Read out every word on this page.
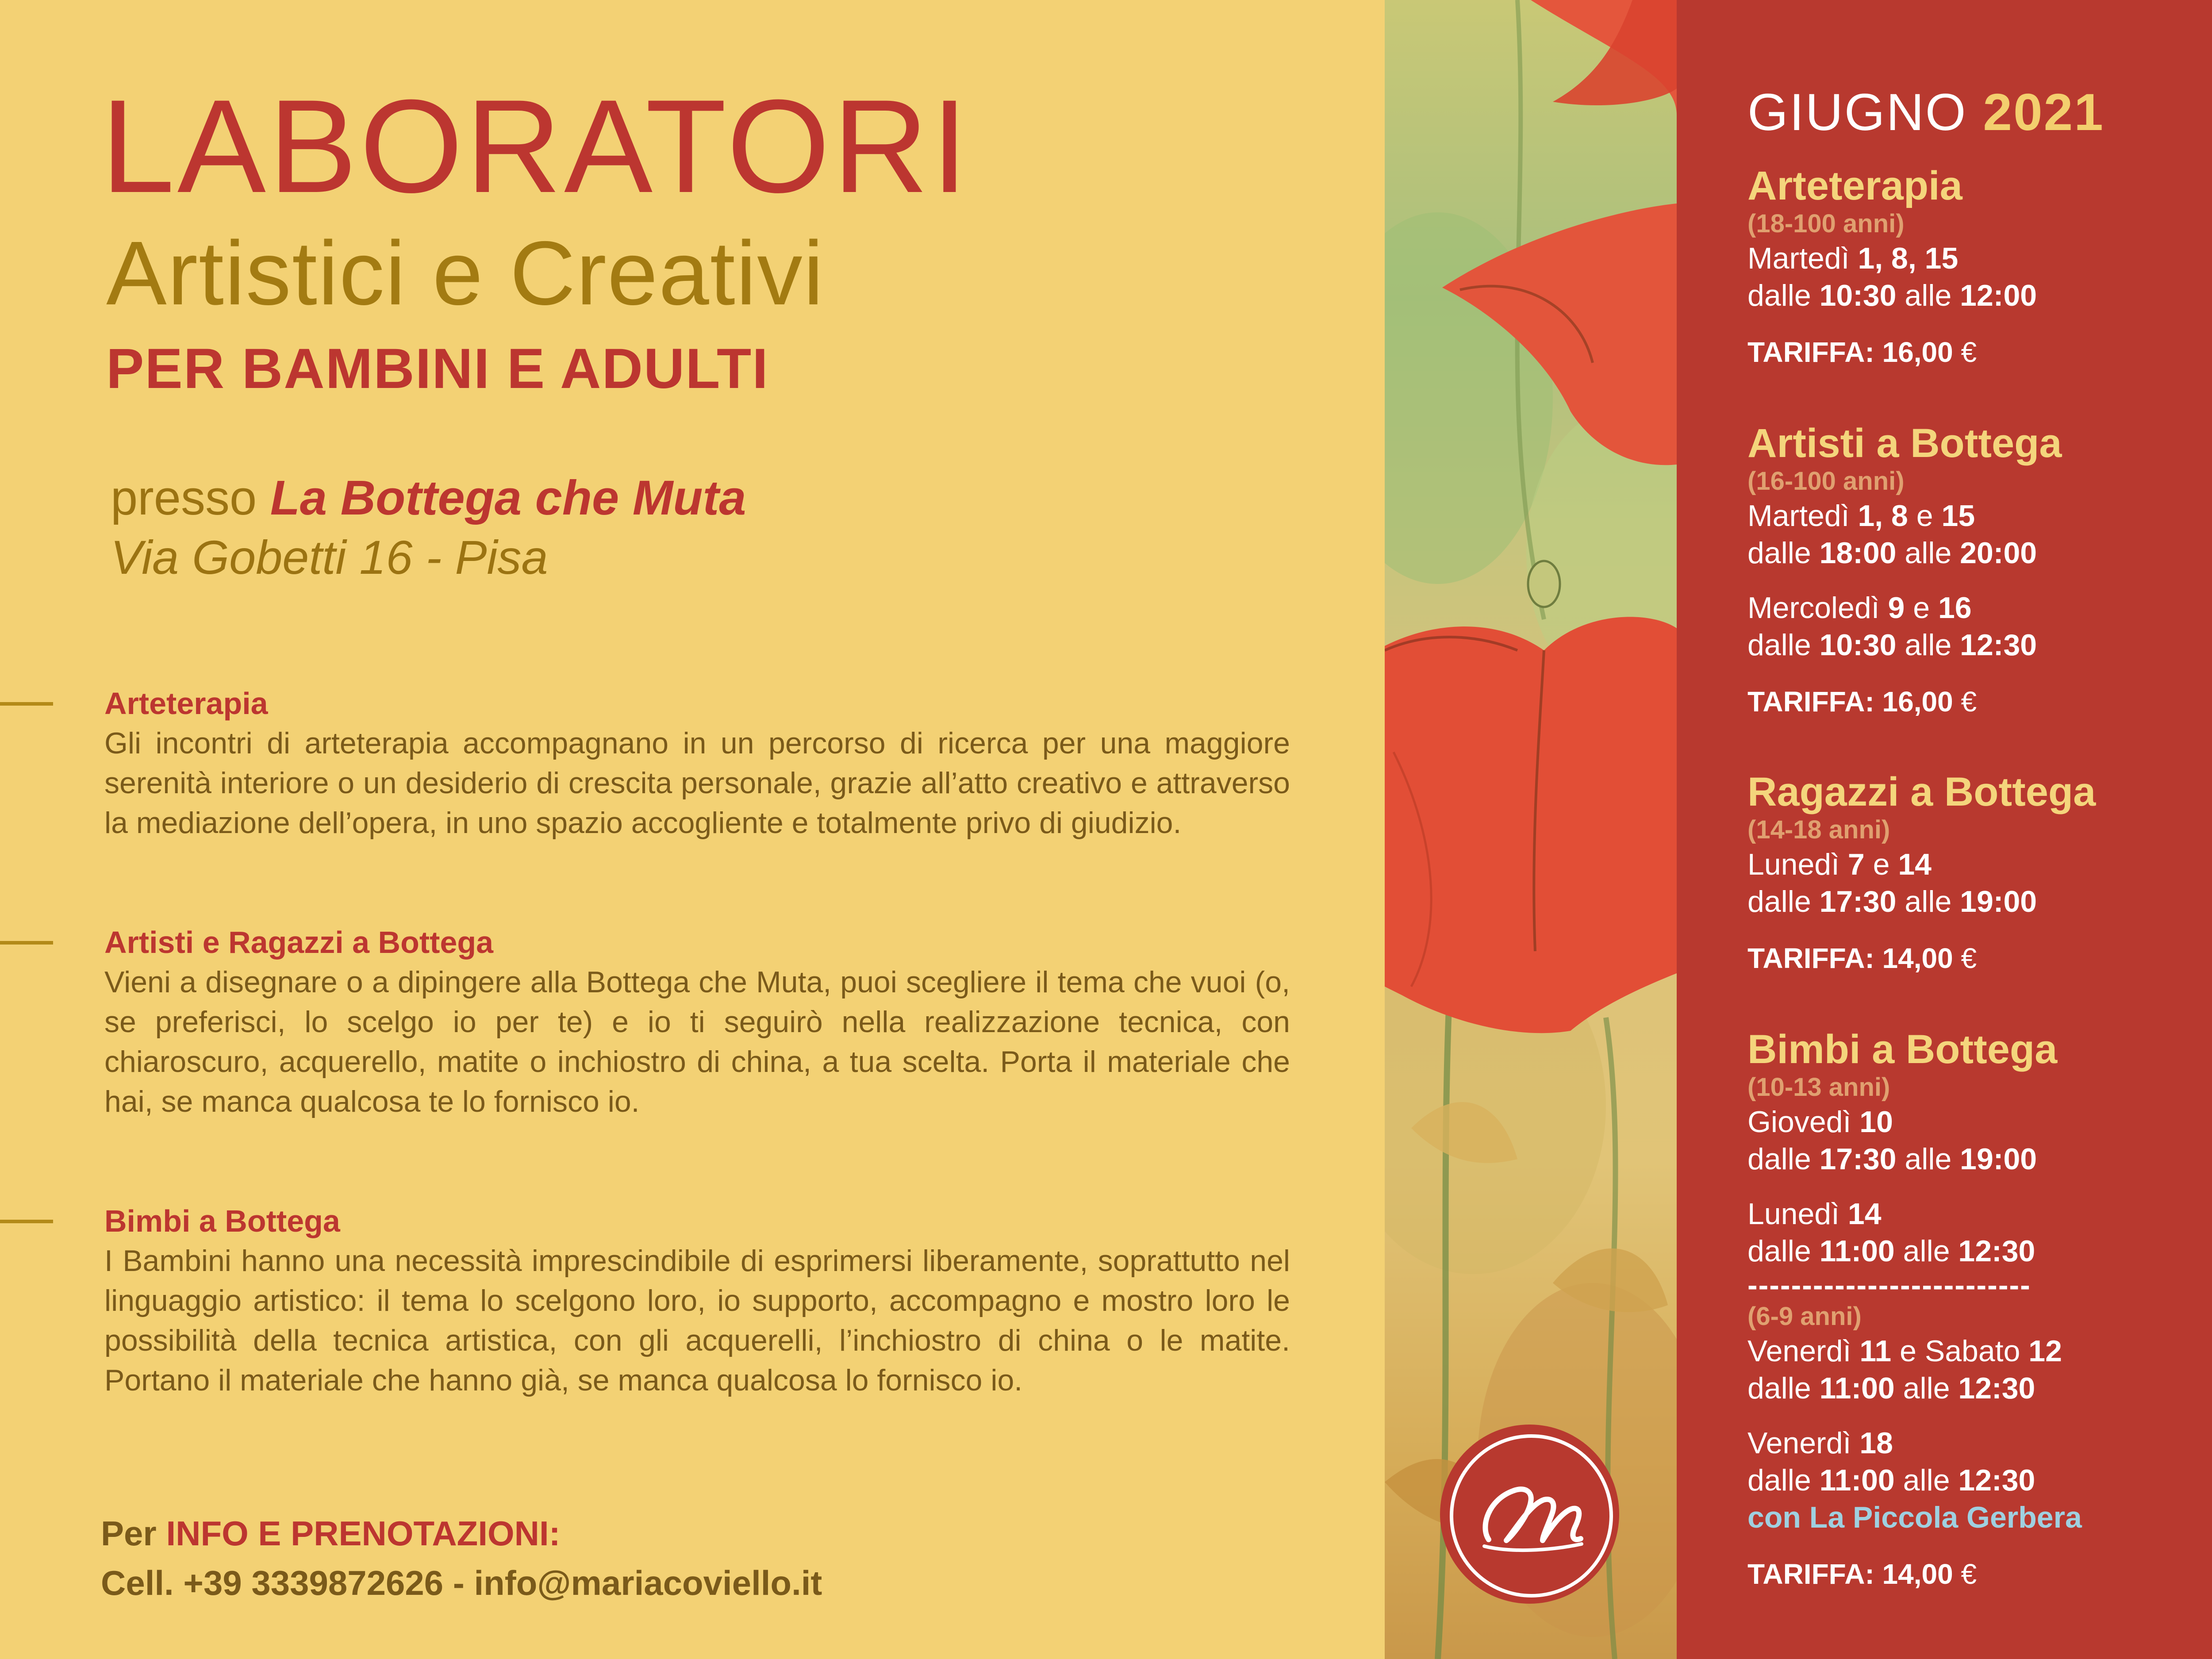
LABORATORI
Artistici e Creativi
PER BAMBINI E ADULTI
presso La Bottega che Muta
Via Gobetti 16 - Pisa

Arteterapia

Gli incontri di arteterapia accompagnano in un percorso di ricerca per una maggiore serenità interiore o un desiderio di crescita personale, grazie all’atto creativo e attraverso la mediazione dell’opera, in uno spazio accogliente e totalmente privo di giudizio.

Artisti e Ragazzi a Bottega

Vieni a disegnare o a dipingere alla Bottega che Muta, puoi scegliere il tema che vuoi (o, se preferisci, lo scelgo io per te) e io ti seguirò nella realizzazione tecnica, con chiaroscuro, acquerello, matite o inchiostro di china, a tua scelta. Porta il materiale che hai, se manca qualcosa te lo fornisco io.

Bimbi a Bottega

I Bambini hanno una necessità imprescindibile di esprimersi liberamente, soprattutto nel linguaggio artistico: il tema lo scelgono loro, io supporto, accompagno e mostro loro le possibilità della tecnica artistica, con gli acquerelli, l’inchiostro di china o le matite. Portano il materiale che hanno già, se manca qualcosa lo fornisco io.

Per INFO E PRENOTAZIONI:
Cell. +39 3339872626 - info@mariacoviello.it

GIUGNO 2021

Arteterapia

(18-100 anni)

Martedì 1, 8, 15

dalle 10:30 alle 12:00

TARIFFA: 16,00 €

Artisti a Bottega

(16-100 anni)

Martedì 1, 8 e 15

dalle 18:00 alle 20:00

Mercoledì 9 e 16

dalle 10:30 alle 12:30

TARIFFA: 16,00 €

Ragazzi a Bottega

(14-18 anni)

Lunedì 7 e 14

dalle 17:30 alle 19:00

TARIFFA: 14,00 €

Bimbi a Bottega

(10-13 anni)

Giovedì 10

dalle 17:30 alle 19:00

Lunedì 14

dalle 11:00 alle 12:30

--------------------------

(6-9 anni)

Venerdì 11 e Sabato 12

dalle 11:00 alle 12:30

Venerdì 18

dalle 11:00 alle 12:30

con La Piccola Gerbera

TARIFFA: 14,00 €
